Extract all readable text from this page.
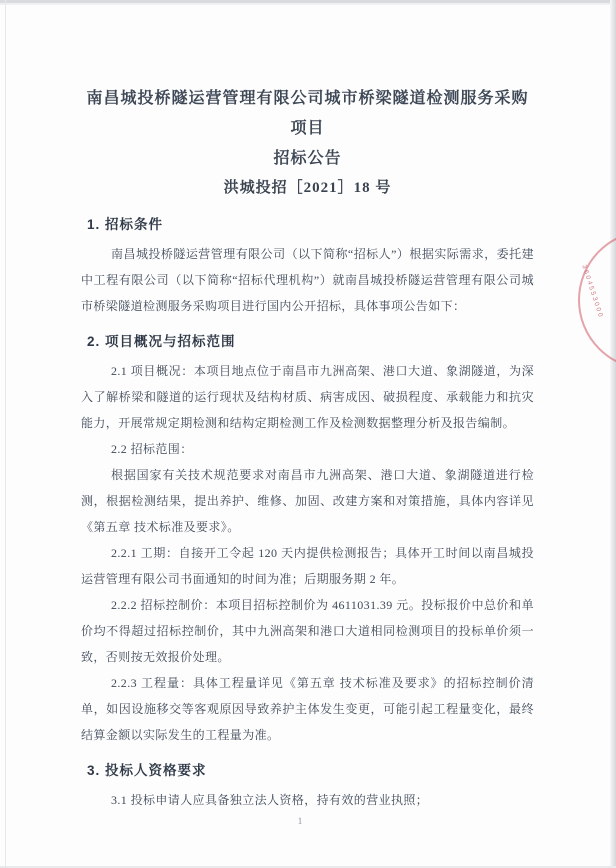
南昌城投桥隧运营管理有限公司城市桥梁隧道检测服务采购项目
招标公告
洪城投招［2021］18 号
1. 招标条件

南昌城投桥隧运营管理有限公司（以下简称“招标人”）根据实际需求，委托建中工程有限公司（以下简称“招标代理机构”）就南昌城投桥隧运营管理有限公司城市桥梁隧道检测服务采购项目进行国内公开招标，具体事项公告如下：

2. 项目概况与招标范围

2.1 项目概况：本项目地点位于南昌市九洲高架、港口大道、象湖隧道，为深入了解桥梁和隧道的运行现状及结构材质、病害成因、破损程度、承载能力和抗灾能力，开展常规定期检测和结构定期检测工作及检测数据整理分析及报告编制。

2.2 招标范围：

根据国家有关技术规范要求对南昌市九洲高架、港口大道、象湖隧道进行检测，根据检测结果，提出养护、维修、加固、改建方案和对策措施，具体内容详见《第五章 技术标准及要求》。

2.2.1 工期：自接开工令起 120 天内提供检测报告；具体开工时间以南昌城投运营管理有限公司书面通知的时间为准；后期服务期 2 年。

2.2.2 招标控制价：本项目招标控制价为 4611031.39 元。投标报价中总价和单价均不得超过招标控制价，其中九洲高架和港口大道相同检测项目的投标单价须一致，否则按无效报价处理。

2.2.3 工程量：具体工程量详见《第五章 技术标准及要求》的招标控制价清单，如因设施移交等客观原因导致养护主体发生变更，可能引起工程量变化，最终结算金额以实际发生的工程量为准。

3. 投标人资格要求

3.1 投标申请人应具备独立法人资格，持有效的营业执照；

3604553000
1
